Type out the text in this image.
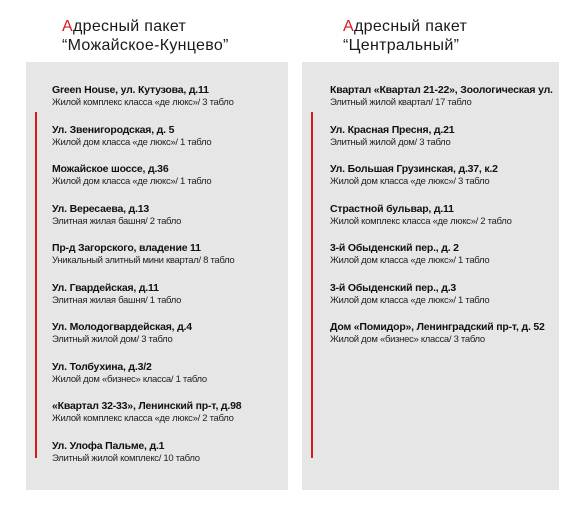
Адресный пакет
“Можайское-Кунцево”
Адресный пакет
“Центральный”
Green House, ул. Кутузова, д.11
Жилой комплекс класса «де люкс»/ 3 табло
Ул. Звенигородская, д. 5
Жилой дом класса «де люкс»/ 1 табло
Можайское шоссе, д.36
Жилой дом класса «де люкс»/ 1 табло
Ул. Вересаева, д.13
Элитная жилая башня/ 2 табло
Пр-д Загорского, владение 11
Уникальный элитный мини квартал/ 8 табло
Ул. Гвардейская, д.11
Элитная жилая башня/ 1 табло
Ул. Молодогвардейская, д.4
Элитный жилой дом/ 3 табло
Ул. Толбухина, д.3/2
Жилой дом «бизнес» класса/ 1 табло
«Квартал 32-33», Ленинский пр-т, д.98
Жилой комплекс класса «де люкс»/ 2 табло
Ул. Улофа Пальме, д.1
Элитный жилой комплекс/ 10 табло
Квартал «Квартал 21-22», Зоологическая ул.
Элитный жилой квартал/ 17 табло
Ул. Красная Пресня, д.21
Элитный жилой дом/ 3 табло
Ул. Большая Грузинская, д.37, к.2
Жилой дом класса «де люкс»/ 3 табло
Страстной бульвар, д.11
Жилой комплекс класса «де люкс»/ 2 табло
3-й Обыденский пер., д. 2
Жилой дом класса «де люкс»/ 1 табло
3-й Обыденский пер., д.3
Жилой дом класса «де люкс»/ 1 табло
Дом «Помидор», Ленинградский пр-т, д. 52
Жилой дом «бизнес» класса/ 3 табло
